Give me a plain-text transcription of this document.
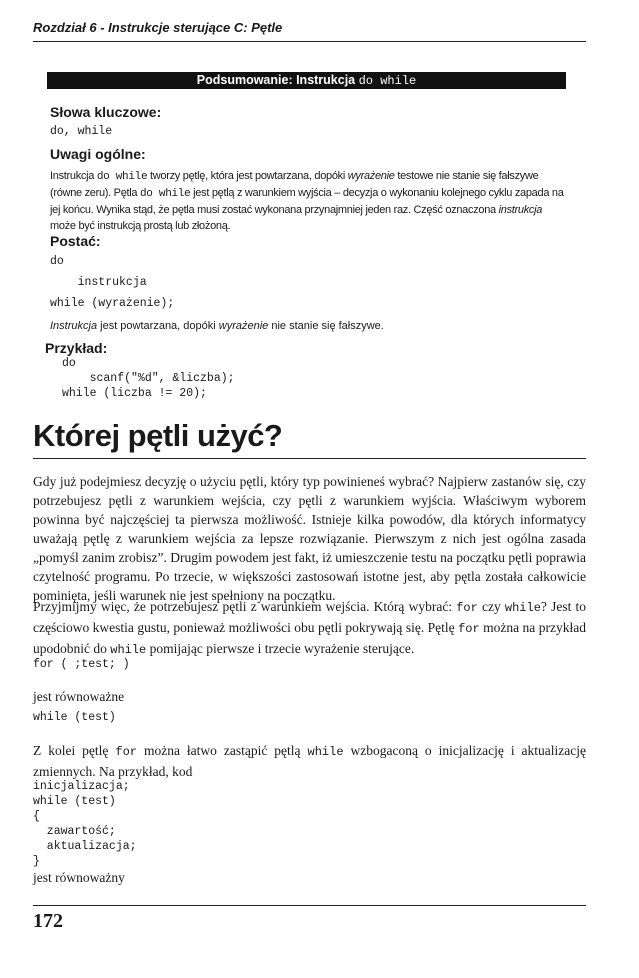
Rozdział 6 - Instrukcje sterujące C: Pętle
Podsumowanie: Instrukcja do while
Słowa kluczowe:
do, while
Uwagi ogólne:
Instrukcja do while tworzy pętlę, która jest powtarzana, dopóki wyrażenie testowe nie stanie się fałszywe (równe zeru). Pętla do while jest pętlą z warunkiem wyjścia – decyzja o wykonaniu kolejnego cyklu zapada na jej końcu. Wynika stąd, że pętla musi zostać wykonana przynajmniej jeden raz. Część oznaczona instrukcja może być instrukcją prostą lub złożoną.
Postać:
do
instrukcja
while (wyrażenie);
Instrukcja jest powtarzana, dopóki wyrażenie nie stanie się fałszywe.
Przykład:
do
scanf("%d", &liczba);
while (liczba != 20);
Której pętli użyć?
Gdy już podejmiesz decyzję o użyciu pętli, który typ powinieneś wybrać? Najpierw zastanów się, czy potrzebujesz pętli z warunkiem wejścia, czy pętli z warunkiem wyjścia. Właściwym wyborem powinna być najczęściej ta pierwsza możliwość. Istnieje kilka powodów, dla których informatycy uważają pętlę z warunkiem wejścia za lepsze rozwiązanie. Pierwszym z nich jest ogólna zasada „pomyśl zanim zrobisz”. Drugim powodem jest fakt, iż umieszczenie testu na początku pętli poprawia czytelność programu. Po trzecie, w większości zastosowań istotne jest, aby pętla została całkowicie pominięta, jeśli warunek nie jest spełniony na początku.
Przyjmijmy więc, że potrzebujesz pętli z warunkiem wejścia. Którą wybrać: for czy while? Jest to częściowo kwestia gustu, ponieważ możliwości obu pętli pokrywają się. Pętlę for można na przykład upodobnić do while pomijając pierwsze i trzecie wyrażenie sterujące.
for ( ;test; )
jest równoważne
while (test)
Z kolei pętlę for można łatwo zastąpić pętlą while wzbogaconą o inicjalizację i aktualizację zmiennych. Na przykład, kod
inicjalizacja;
while (test)
{
zawartość;
aktualizacja;
}
jest równoważny
172
